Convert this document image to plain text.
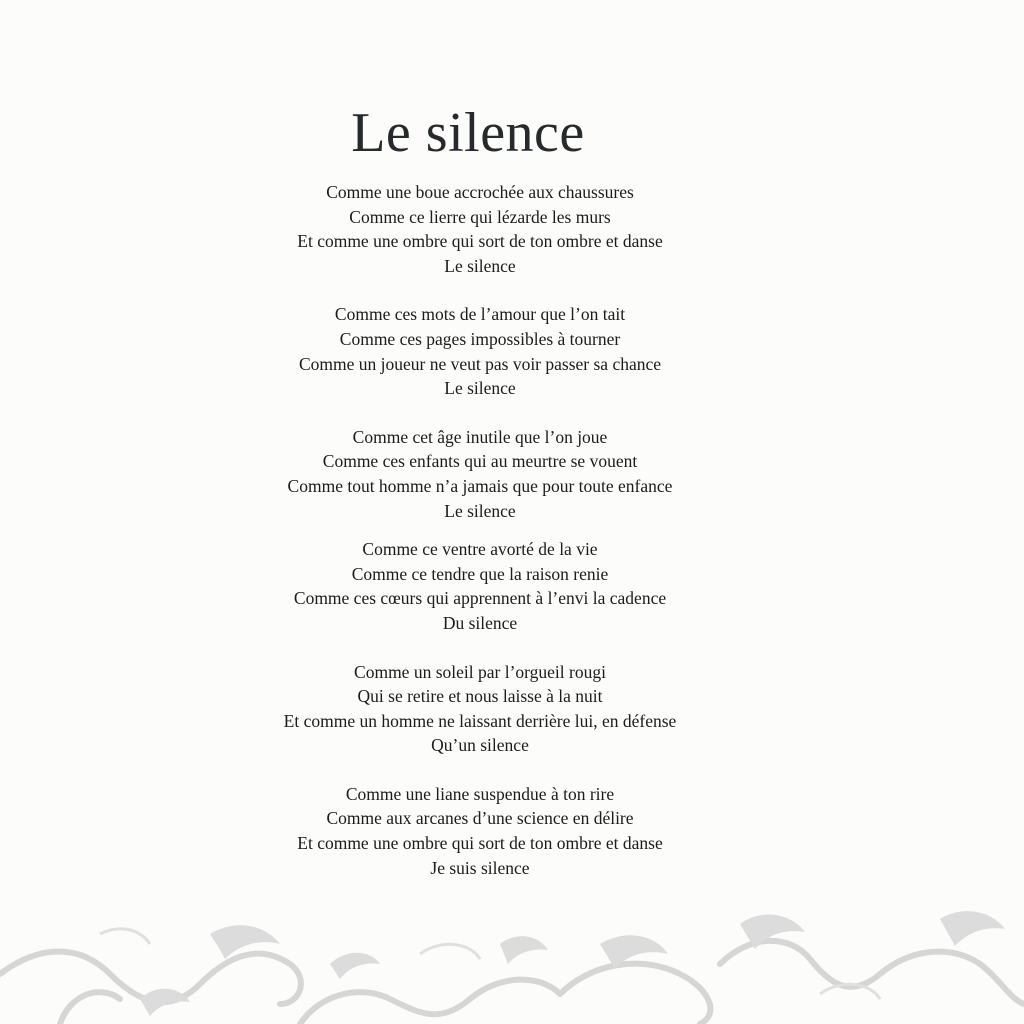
Le silence

Comme une boue accrochée aux chaussures
Comme ce lierre qui lézarde les murs
Et comme une ombre qui sort de ton ombre et danse
Le silence

Comme ces mots de l’amour que l’on tait
Comme ces pages impossibles à tourner
Comme un joueur ne veut pas voir passer sa chance
Le silence

Comme cet âge inutile que l’on joue
Comme ces enfants qui au meurtre se vouent
Comme tout homme n’a jamais que pour toute enfance
Le silence

Comme ce ventre avorté de la vie
Comme ce tendre que la raison renie
Comme ces cœurs qui apprennent à l’envi la cadence
Du silence

Comme un soleil par l’orgueil rougi
Qui se retire et nous laisse à la nuit
Et comme un homme ne laissant derrière lui, en défense
Qu’un silence

Comme une liane suspendue à ton rire
Comme aux arcanes d’une science en délire
Et comme une ombre qui sort de ton ombre et danse
Je suis silence
